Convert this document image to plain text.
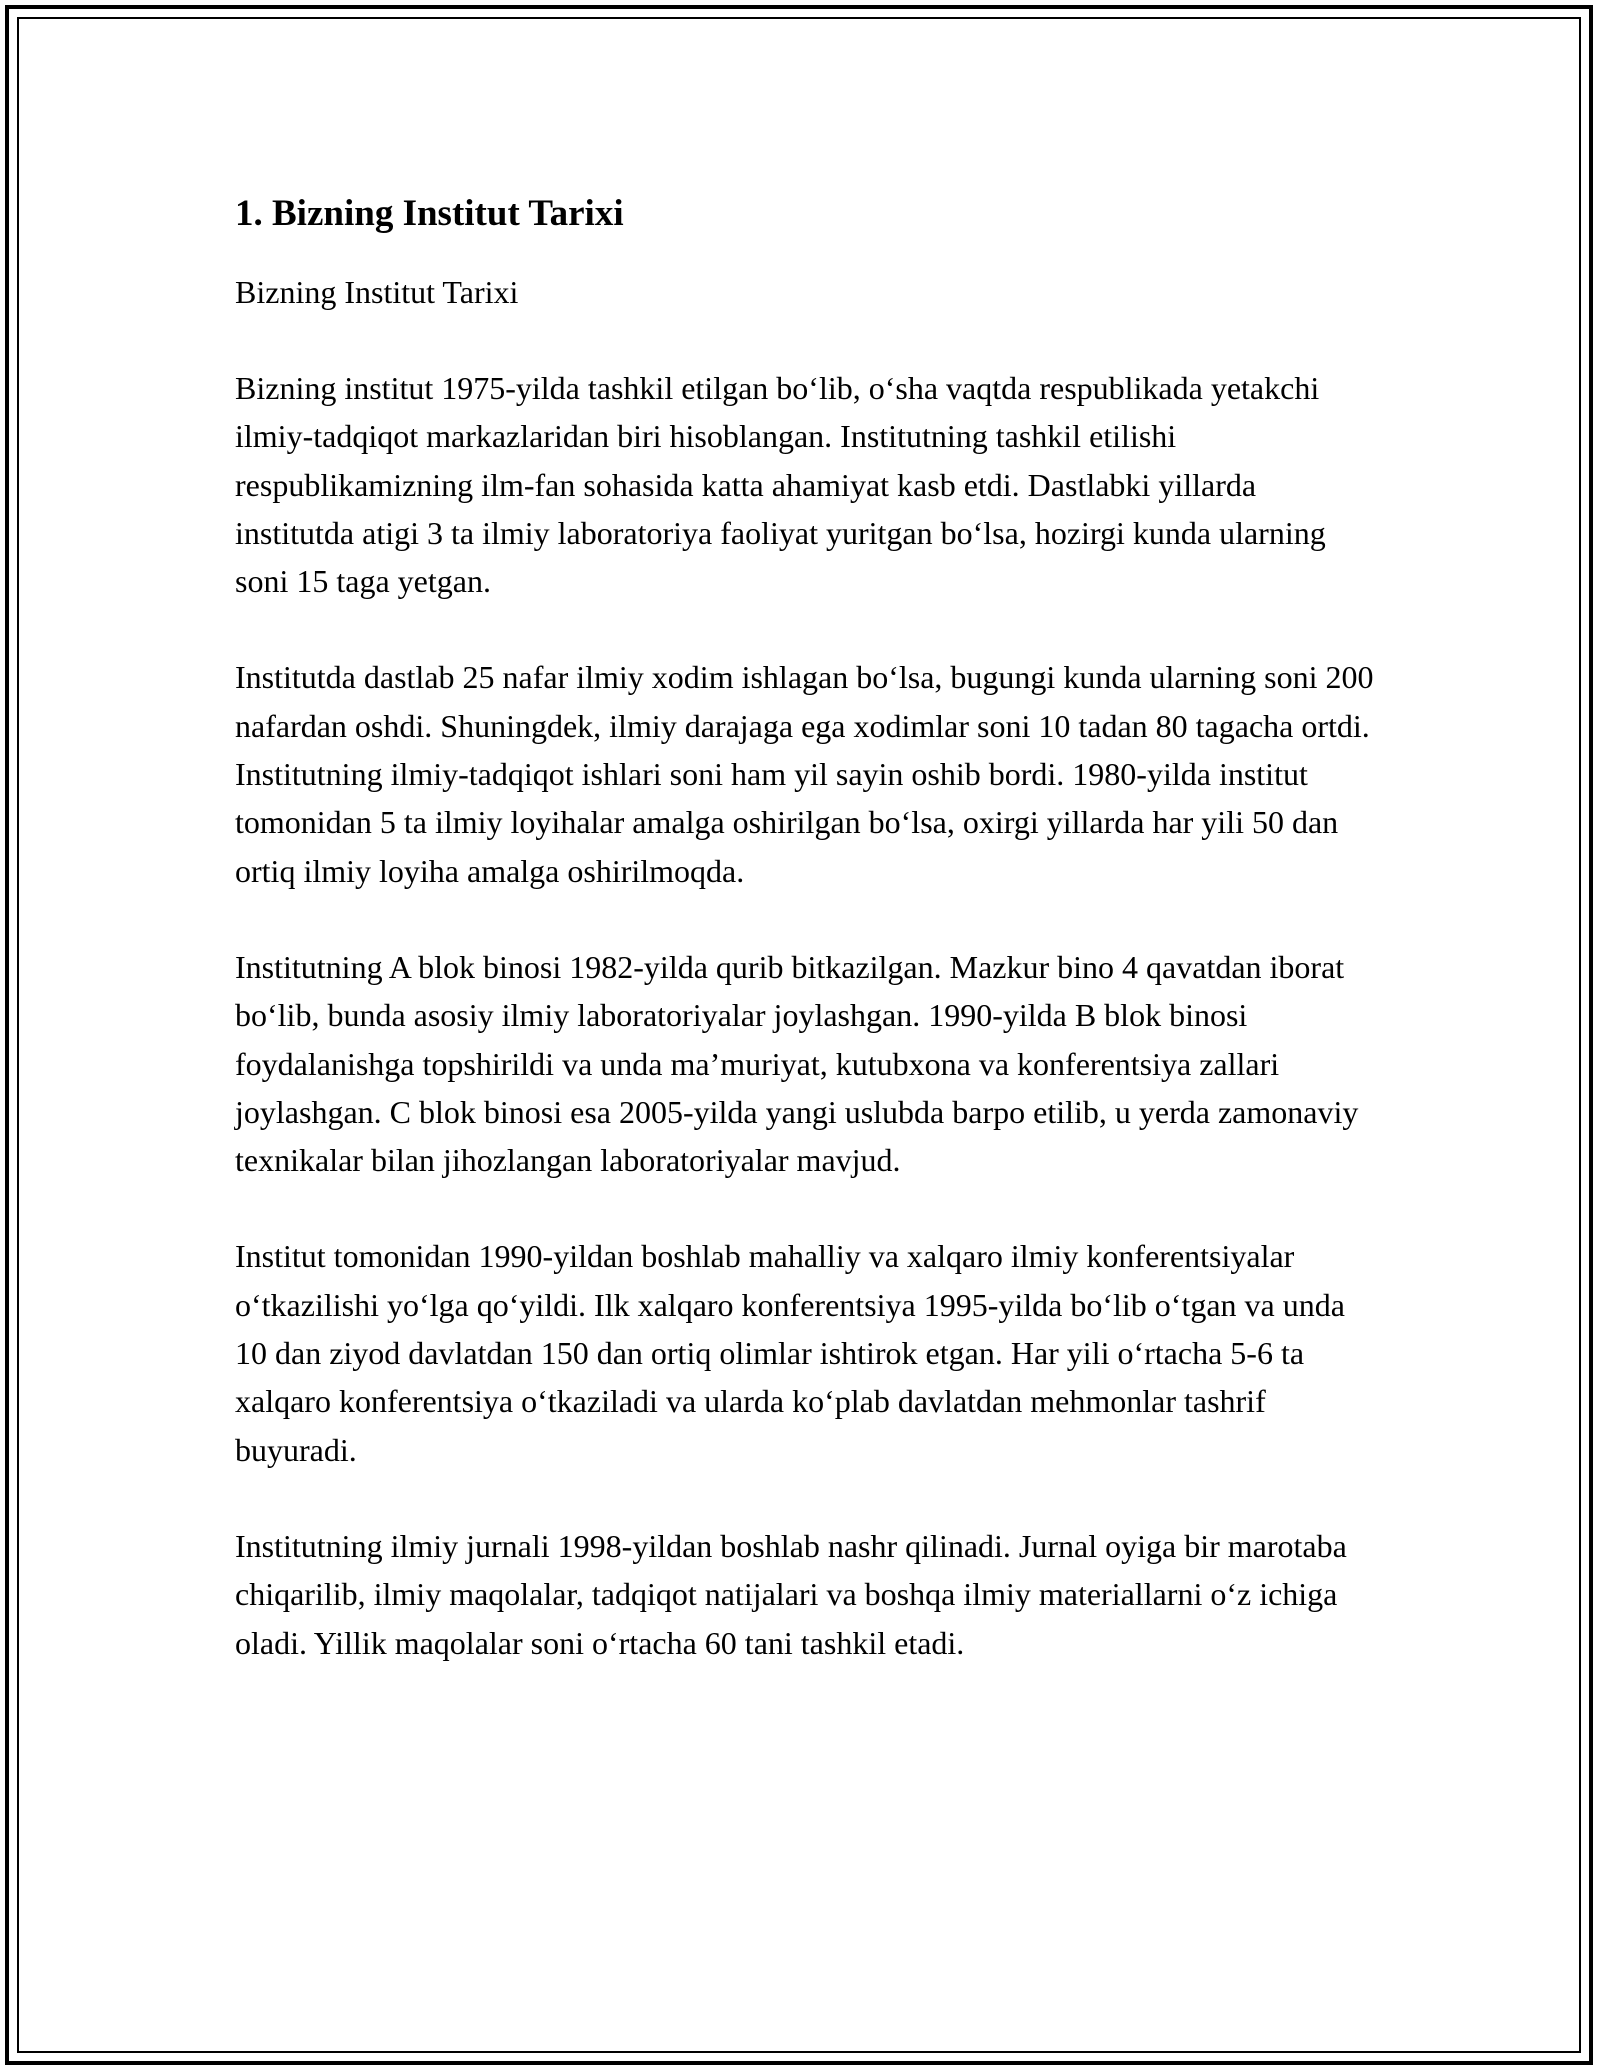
1. Bizning Institut Tarixi
Bizning Institut Tarixi

Bizning institut 1975-yilda tashkil etilgan bo‘lib, o‘sha vaqtda respublikada yetakchi ilmiy-tadqiqot markazlaridan biri hisoblangan. Institutning tashkil etilishi respublikamizning ilm-fan sohasida katta ahamiyat kasb etdi. Dastlabki yillarda institutda atigi 3 ta ilmiy laboratoriya faoliyat yuritgan bo‘lsa, hozirgi kunda ularning soni 15 taga yetgan.

Institutda dastlab 25 nafar ilmiy xodim ishlagan bo‘lsa, bugungi kunda ularning soni 200 nafardan oshdi. Shuningdek, ilmiy darajaga ega xodimlar soni 10 tadan 80 tagacha ortdi. Institutning ilmiy-tadqiqot ishlari soni ham yil sayin oshib bordi. 1980-yilda institut tomonidan 5 ta ilmiy loyihalar amalga oshirilgan bo‘lsa, oxirgi yillarda har yili 50 dan ortiq ilmiy loyiha amalga oshirilmoqda.

Institutning A blok binosi 1982-yilda qurib bitkazilgan. Mazkur bino 4 qavatdan iborat bo‘lib, bunda asosiy ilmiy laboratoriyalar joylashgan. 1990-yilda B blok binosi foydalanishga topshirildi va unda ma’muriyat, kutubxona va konferentsiya zallari joylashgan. C blok binosi esa 2005-yilda yangi uslubda barpo etilib, u yerda zamonaviy texnikalar bilan jihozlangan laboratoriyalar mavjud.

Institut tomonidan 1990-yildan boshlab mahalliy va xalqaro ilmiy konferentsiyalar o‘tkazilishi yo‘lga qo‘yildi. Ilk xalqaro konferentsiya 1995-yilda bo‘lib o‘tgan va unda 10 dan ziyod davlatdan 150 dan ortiq olimlar ishtirok etgan. Har yili o‘rtacha 5-6 ta xalqaro konferentsiya o‘tkaziladi va ularda ko‘plab davlatdan mehmonlar tashrif buyuradi.

Institutning ilmiy jurnali 1998-yildan boshlab nashr qilinadi. Jurnal oyiga bir marotaba chiqarilib, ilmiy maqolalar, tadqiqot natijalari va boshqa ilmiy materiallarni o‘z ichiga oladi. Yillik maqolalar soni o‘rtacha 60 tani tashkil etadi.
